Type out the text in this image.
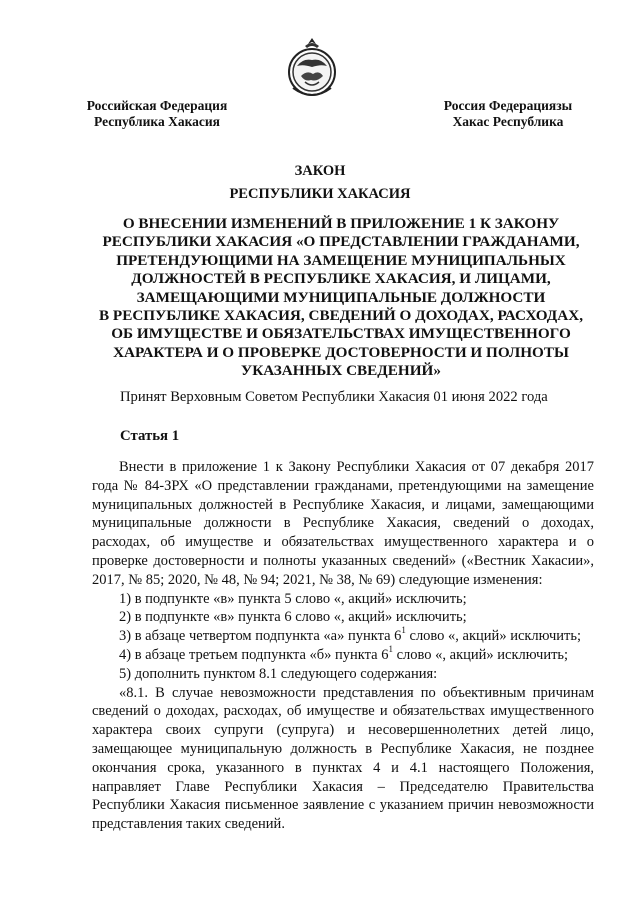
Российская Федерация
Республика Хакасия
Россия Федерациязы
Хакас Республика
ЗАКОН
РЕСПУБЛИКИ ХАКАСИЯ
О ВНЕСЕНИИ ИЗМЕНЕНИЙ В ПРИЛОЖЕНИЕ 1 К ЗАКОНУ
РЕСПУБЛИКИ ХАКАСИЯ «О ПРЕДСТАВЛЕНИИ ГРАЖДАНАМИ,
ПРЕТЕНДУЮЩИМИ НА ЗАМЕЩЕНИЕ МУНИЦИПАЛЬНЫХ
ДОЛЖНОСТЕЙ В РЕСПУБЛИКЕ ХАКАСИЯ, И ЛИЦАМИ,
ЗАМЕЩАЮЩИМИ МУНИЦИПАЛЬНЫЕ ДОЛЖНОСТИ
В РЕСПУБЛИКЕ ХАКАСИЯ, СВЕДЕНИЙ О ДОХОДАХ, РАСХОДАХ,
ОБ ИМУЩЕСТВЕ И ОБЯЗАТЕЛЬСТВАХ ИМУЩЕСТВЕННОГО
ХАРАКТЕРА И О ПРОВЕРКЕ ДОСТОВЕРНОСТИ И ПОЛНОТЫ
УКАЗАННЫХ СВЕДЕНИЙ»
Принят Верховным Советом Республики Хакасия 01 июня 2022 года
Статья 1

Внести в приложение 1 к Закону Республики Хакасия от 07 декабря 2017 года № 84-ЗРХ «О представлении гражданами, претендующими на замещение муниципальных должностей в Республике Хакасия, и лицами, замещающими муниципальные должности в Республике Хакасия, сведений о доходах, расходах, об имуществе и обязательствах имущественного характера и о проверке достоверности и полноты указанных сведений» («Вестник Хакасии», 2017, № 85; 2020, № 48, № 94; 2021, № 38, № 69) следующие изменения:

1) в подпункте «в» пункта 5 слово «, акций» исключить;

2) в подпункте «в» пункта 6 слово «, акций» исключить;

3) в абзаце четвертом подпункта «а» пункта $6^1$ слово «, акций» исключить;

4) в абзаце третьем подпункта «б» пункта $6^1$ слово «, акций» исключить;

5) дополнить пунктом 8.1 следующего содержания:

«8.1. В случае невозможности представления по объективным причинам сведений о доходах, расходах, об имуществе и обязательствах имущественного характера своих супруги (супруга) и несовершеннолетних детей лицо, замещающее муниципальную должность в Республике Хакасия, не позднее окончания срока, указанного в пунктах 4 и 4.1 настоящего Положения, направляет Главе Республики Хакасия – Председателю Правительства Республики Хакасия письменное заявление с указанием причин невозможности представления таких сведений.
